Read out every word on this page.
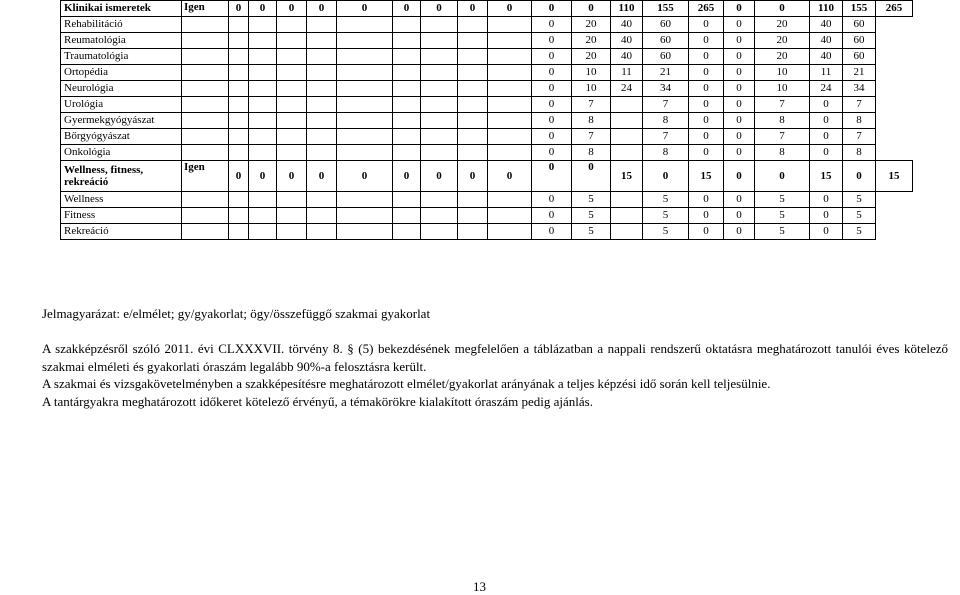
Klinikai ismeretek	Igen	0	0	0	0	0	0	0	0	0	0	0	110	155	265	0	0	110	155	265
Rehabilitáció											0	20	40	60	0	0	20	40	60	
Reumatológia											0	20	40	60	0	0	20	40	60	
Traumatológia											0	20	40	60	0	0	20	40	60	
Ortopédia											0	10	11	21	0	0	10	11	21	
Neurológia											0	10	24	34	0	0	10	24	34	
Urológia											0	7		7	0	0	7	0	7	
Gyermekgyógyászat											0	8		8	0	0	8	0	8	
Bőrgyógyászat											0	7		7	0	0	7	0	7	
Onkológia											0	8		8	0	0	8	0	8	

Wellness, fitness,
rekreáció	Igen	0	0	0	0	0	0	0	0	0	0	0	15	0	15	0	0	15	0	15
Wellness											0	5		5	0	0	5	0	5	
Fitness											0	5		5	0	0	5	0	5	
Rekreáció											0	5		5	0	0	5	0	5	
Jelmagyarázat: e/elmélet; gy/gyakorlat; ögy/összefüggő szakmai gyakorlat

A szakképzésről szóló 2011. évi CLXXXVII. törvény 8. § (5) bekezdésének megfelelően a táblázatban a nappali rendszerű oktatásra meghatározott tanulói éves kötelező szakmai elméleti és gyakorlati óraszám legalább 90%-a felosztásra került.

A szakmai és vizsgakövetelményben a szakképesítésre meghatározott elmélet/gyakorlat arányának a teljes képzési idő során kell teljesülnie.

A tantárgyakra meghatározott időkeret kötelező érvényű, a témakörökre kialakított óraszám pedig ajánlás.

13
